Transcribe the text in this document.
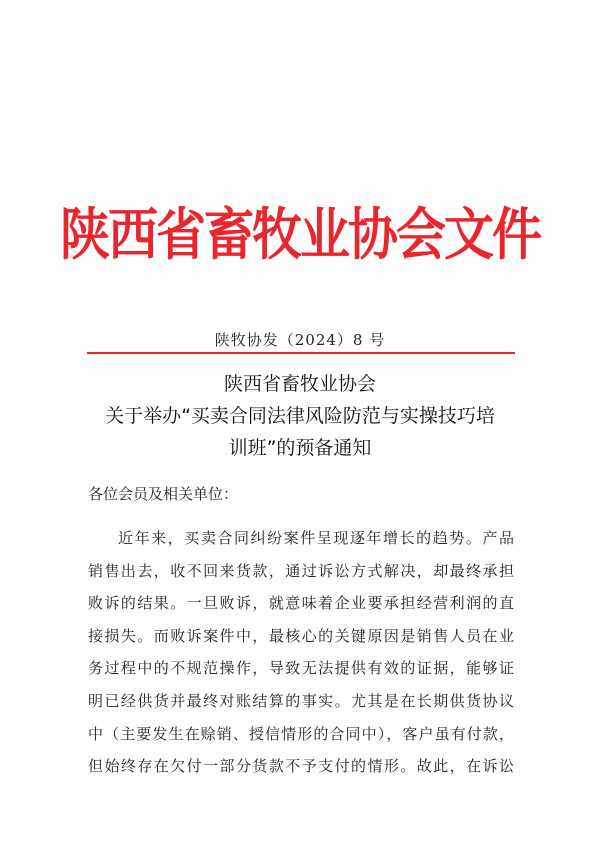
陕西省畜牧业协会文件
陕牧协发（2024）8 号
陕西省畜牧业协会
关于举办“买卖合同法律风险防范与实操技巧培
训班”的预备通知
各位会员及相关单位：
近年来，买卖合同纠纷案件呈现逐年增长的趋势。产品
销售出去，收不回来货款，通过诉讼方式解决，却最终承担
败诉的结果。一旦败诉，就意味着企业要承担经营利润的直
接损失。而败诉案件中，最核心的关键原因是销售人员在业
务过程中的不规范操作，导致无法提供有效的证据，能够证
明已经供货并最终对账结算的事实。尤其是在长期供货协议
中（主要发生在赊销、授信情形的合同中），客户虽有付款，
但始终存在欠付一部分货款不予支付的情形。故此，在诉讼
